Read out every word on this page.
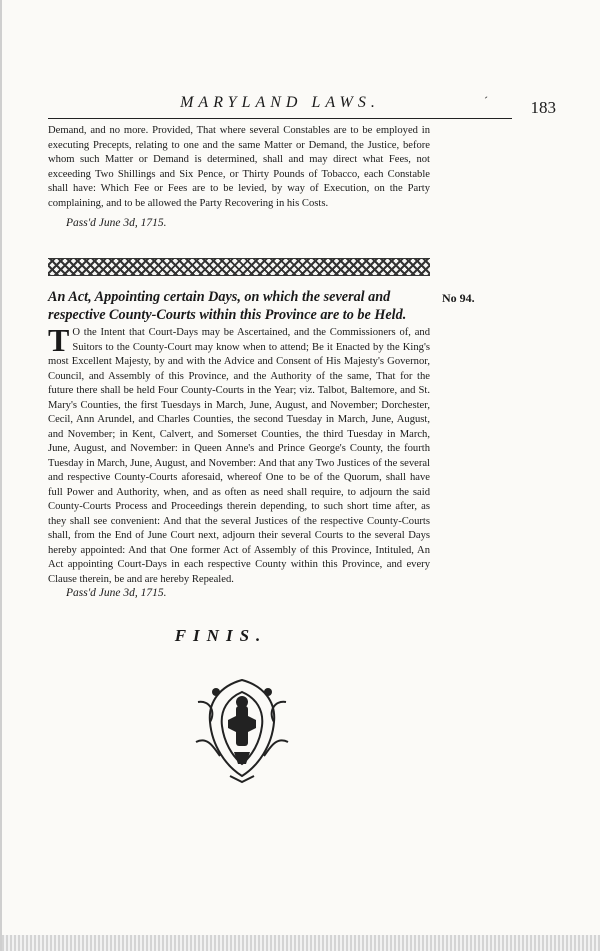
MARYLAND LAWS.	´	183
Demand, and no more. Provided, That where several Constables are to be employed in executing Precepts, relating to one and the same Matter or Demand, the Justice, before whom such Matter or Demand is determined, shall and may direct what Fees, not exceeding Two Shillings and Six Pence, or Thirty Pounds of Tobacco, each Constable shall have: Which Fee or Fees are to be levied, by way of Execution, on the Party complaining, and to be allowed the Party Recovering in his Costs.
Pass'd June 3d, 1715.
An Act, Appointing certain Days, on which the several and respective County-Courts within this Province are to be Held.
No 94.
T O the Intent that Court-Days may be Ascertained, and the Commissioners of, and Suitors to the County-Court may know when to attend; Be it Enacted by the King's most Excellent Majesty, by and with the Advice and Consent of His Majesty's Governor, Council, and Assembly of this Province, and the Authority of the same, That for the future there shall be held Four County-Courts in the Year; viz. Talbot, Baltemore, and St. Mary's Counties, the first Tuesdays in March, June, August, and November; Dorchester, Cecil, Ann Arundel, and Charles Counties, the second Tuesday in March, June, August, and November; in Kent, Calvert, and Somerset Counties, the third Tuesday in March, June, August, and November: in Queen Anne's and Prince George's County, the fourth Tuesday in March, June, August, and November: And that any Two Justices of the several and respective County-Courts aforesaid, whereof One to be of the Quorum, shall have full Power and Authority, when, and as often as need shall require, to adjourn the said County-Courts Process and Proceedings therein depending, to such short time after, as they shall see convenient: And that the several Justices of the respective County-Courts shall, from the End of June Court next, adjourn their several Courts to the several Days hereby appointed: And that One former Act of Assembly of this Province, Intituled, An Act appointing Court-Days in each respective County within this Province, and every Clause therein, be and are hereby Repealed.
Pass'd June 3d, 1715.
FINIS.
